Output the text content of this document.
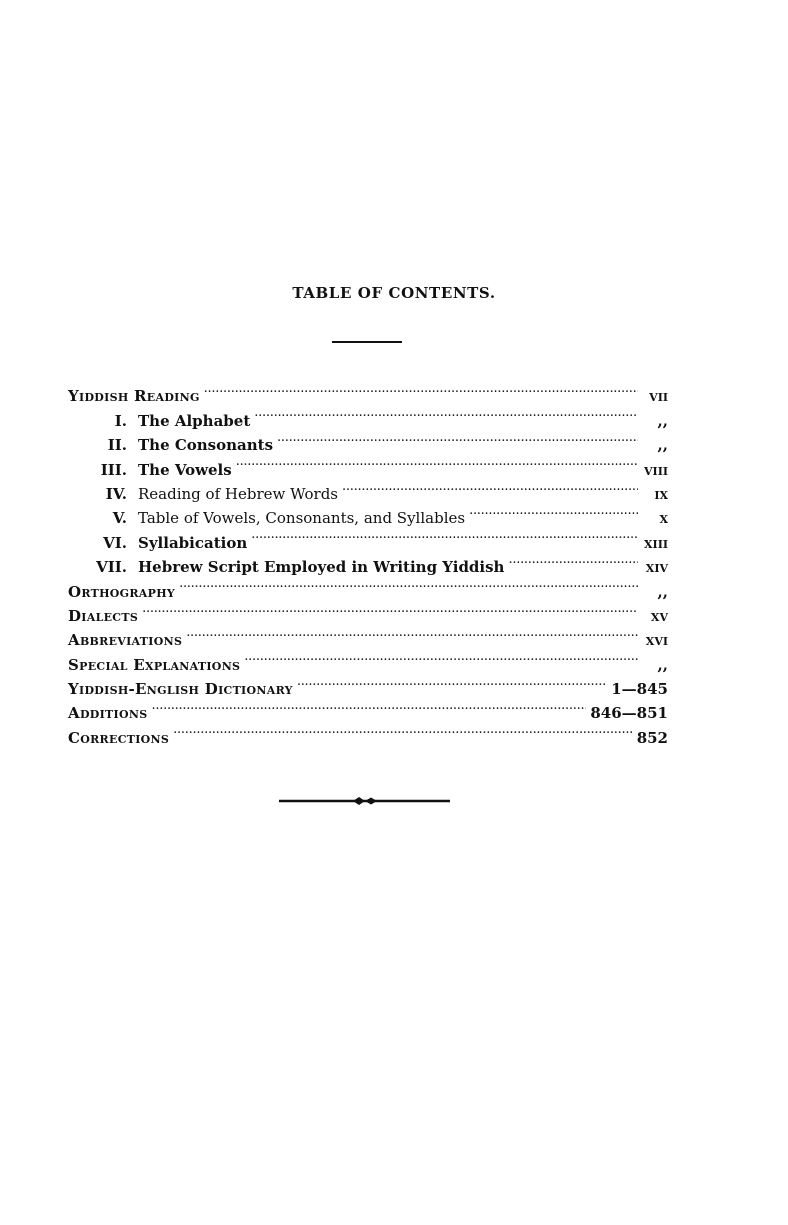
TABLE OF CONTENTS.
Yiddish Reading . . .	vii
I. The Alphabet . . .	,,
II. The Consonants . . .	,,
III. The Vowels . . .	viii
IV. Reading of Hebrew Words . . .	ix
V. Table of Vowels, Consonants, and Syllables . . .	x
VI. Syllabication . . .	xiii
VII. Hebrew Script Employed in Writing Yiddish . . .	xiv
Orthography . . .	,,
Dialects . . .	xv
Abbreviations . . .	xvi
Special Explanations . . .	,,
Yiddish-English Dictionary . . .	1—845
Additions . . .	846—851
Corrections . . .	852
